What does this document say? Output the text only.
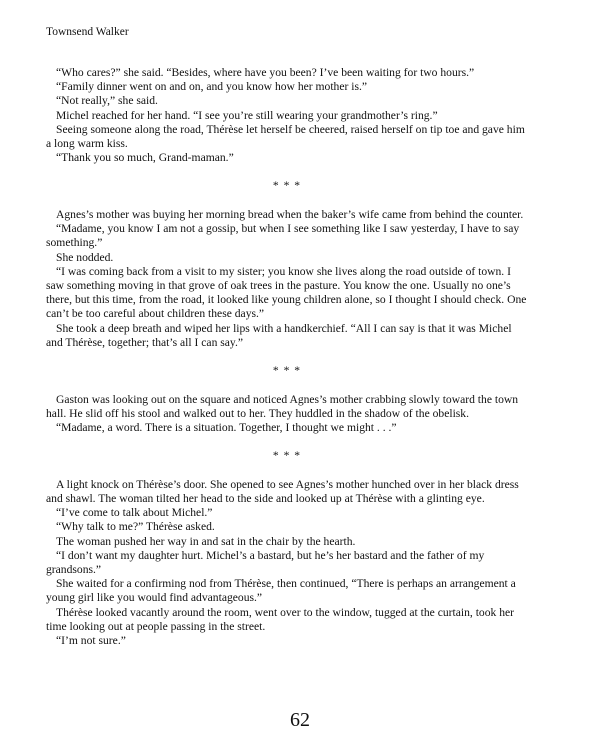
Townsend Walker

“Who cares?” she said. “Besides, where have you been? I’ve been waiting for two hours.”

“Family dinner went on and on, and you know how her mother is.”

“Not really,” she said.

Michel reached for her hand. “I see you’re still wearing your grandmother’s ring.”

Seeing someone along the road, Thérèse let herself be cheered, raised herself on tip toe and gave him a long warm kiss.

“Thank you so much, Grand-maman.”

* * *

Agnes’s mother was buying her morning bread when the baker’s wife came from behind the counter.

“Madame, you know I am not a gossip, but when I see something like I saw yesterday, I have to say something.”

She nodded.

“I was coming back from a visit to my sister; you know she lives along the road outside of town. I saw something moving in that grove of oak trees in the pasture. You know the one. Usually no one’s there, but this time, from the road, it looked like young children alone, so I thought I should check. One can’t be too careful about children these days.”

She took a deep breath and wiped her lips with a handkerchief. “All I can say is that it was Michel and Thérèse, together; that’s all I can say.”

* * *

Gaston was looking out on the square and noticed Agnes’s mother crabbing slowly toward the town hall. He slid off his stool and walked out to her. They huddled in the shadow of the obelisk.

“Madame, a word. There is a situation. Together, I thought we might . . .”

* * *

A light knock on Thérèse’s door. She opened to see Agnes’s mother hunched over in her black dress and shawl. The woman tilted her head to the side and looked up at Thérèse with a glinting eye.

“I’ve come to talk about Michel.”

“Why talk to me?” Thérèse asked.

The woman pushed her way in and sat in the chair by the hearth.

“I don’t want my daughter hurt. Michel’s a bastard, but he’s her bastard and the father of my grandsons.”

She waited for a confirming nod from Thérèse, then continued, “There is perhaps an arrangement a young girl like you would find advantageous.”

Thérèse looked vacantly around the room, went over to the window, tugged at the curtain, took her time looking out at people passing in the street.

“I’m not sure.”

62
